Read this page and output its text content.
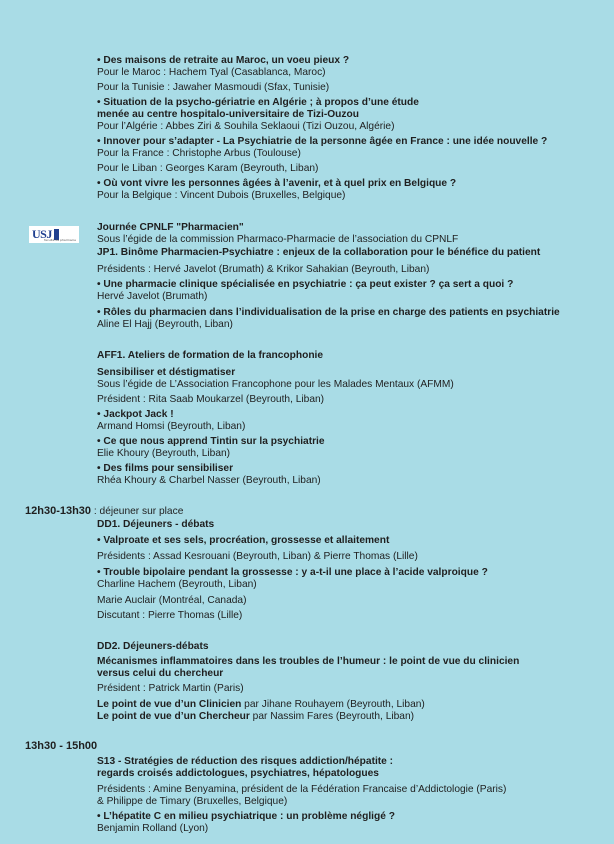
• Des maisons de retraite au Maroc, un voeu pieux ?
Pour le Maroc : Hachem Tyal (Casablanca, Maroc)
Pour la Tunisie : Jawaher Masmoudi (Sfax, Tunisie)
• Situation de la psycho-gériatrie en Algérie ; à propos d’une étude
menée au centre hospitalo-universitaire de Tizi-Ouzou
Pour l’Algérie : Abbes Ziri & Souhila Seklaoui (Tizi Ouzou, Algérie)
• Innover pour s’adapter - La Psychiatrie de la personne âgée en France : une idée nouvelle ?
Pour la France : Christophe Arbus (Toulouse)
Pour le Liban : Georges Karam (Beyrouth, Liban)
• Où vont vivre les personnes âgées à l’avenir, et à quel prix en Belgique ?
Pour la Belgique : Vincent Dubois (Bruxelles, Belgique)
USJ
faculté de pharmacie
Journée CPNLF "Pharmacien"
Sous l’égide de la commission Pharmaco-Pharmacie de l’association du CPNLF
JP1. Binôme Pharmacien-Psychiatre : enjeux de la collaboration pour le bénéfice du patient
Présidents : Hervé Javelot (Brumath) & Krikor Sahakian (Beyrouth, Liban)
• Une pharmacie clinique spécialisée en psychiatrie : ça peut exister ? ça sert a quoi ?
Hervé Javelot (Brumath)
• Rôles du pharmacien dans l’individualisation de la prise en charge des patients en psychiatrie
Aline El Hajj (Beyrouth, Liban)
AFF1. Ateliers de formation de la francophonie
Sensibiliser et déstigmatiser
Sous l’égide de L’Association Francophone pour les Malades Mentaux (AFMM)
Président : Rita Saab Moukarzel (Beyrouth, Liban)
• Jackpot Jack !
Armand Homsi (Beyrouth, Liban)
• Ce que nous apprend Tintin sur la psychiatrie
Elie Khoury (Beyrouth, Liban)
• Des films pour sensibiliser
Rhéa Khoury & Charbel Nasser (Beyrouth, Liban)
12h30-13h30 : déjeuner sur place
DD1. Déjeuners - débats
• Valproate et ses sels, procréation, grossesse et allaitement
Présidents : Assad Kesrouani (Beyrouth, Liban) & Pierre Thomas (Lille)
• Trouble bipolaire pendant la grossesse : y a-t-il une place à l’acide valproique ?
Charline Hachem (Beyrouth, Liban)
Marie Auclair (Montréal, Canada)
Discutant : Pierre Thomas (Lille)
DD2. Déjeuners-débats
Mécanismes inflammatoires dans les troubles de l’humeur : le point de vue du clinicien
versus celui du chercheur
Président : Patrick Martin (Paris)
Le point de vue d’un Clinicien par Jihane Rouhayem (Beyrouth, Liban)
Le point de vue d’un Chercheur par Nassim Fares (Beyrouth, Liban)
13h30 - 15h00
S13 - Stratégies de réduction des risques addiction/hépatite :
regards croisés addictologues, psychiatres, hépatologues
Présidents : Amine Benyamina, président de la Fédération Francaise d’Addictologie (Paris)
& Philippe de Timary (Bruxelles, Belgique)
• L’hépatite C en milieu psychiatrique : un problème négligé ?
Benjamin Rolland (Lyon)
